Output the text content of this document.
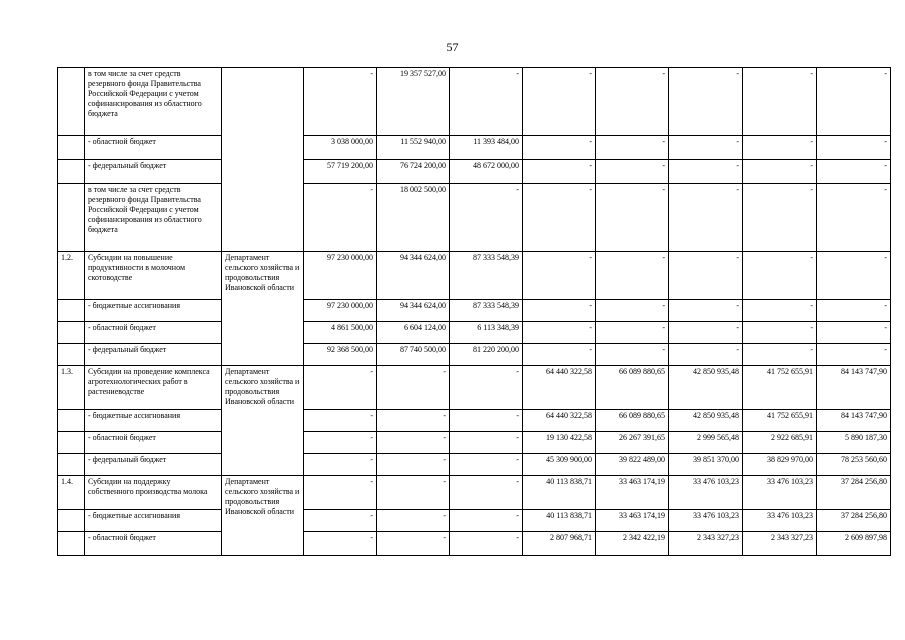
57
	в том числе за счет средств резервного фонда Правительства Российской Федерации с учетом софинансирования из областного бюджета		-	19 357 527,00	-	-	-	-	-	-
	- областной бюджет		3 038 000,00	11 552 940,00	11 393 484,00	-	-	-	-	-
	- федеральный бюджет		57 719 200,00	76 724 200,00	48 672 000,00	-	-	-	-	-
	в том числе за счет средств резервного фонда Правительства Российской Федерации с учетом софинансирования из областного бюджета		-	18 002 500,00	-	-	-	-	-	-
1.2.	Субсидии на повышение продуктивности в молочном скотоводстве	Департамент сельского хозяйства и продовольствия Ивановской области	97 230 000,00	94 344 624,00	87 333 548,39	-	-	-	-	-
	- бюджетные ассигнования		97 230 000,00	94 344 624,00	87 333 548,39	-	-	-	-	-
	- областной бюджет		4 861 500,00	6 604 124,00	6 113 348,39	-	-	-	-	-
	- федеральный бюджет		92 368 500,00	87 740 500,00	81 220 200,00	-	-	-	-	-
1.3.	Субсидии на проведение комплекса агротехнологических работ в растениеводстве	Департамент сельского хозяйства и продовольствия Ивановской области	-	-	-	64 440 322,58	66 089 880,65	42 850 935,48	41 752 655,91	84 143 747,90
	- бюджетные ассигнования		-	-	-	64 440 322,58	66 089 880,65	42 850 935,48	41 752 655,91	84 143 747,90
	- областной бюджет		-	-	-	19 130 422,58	26 267 391,65	2 999 565,48	2 922 685,91	5 890 187,30
	- федеральный бюджет		-	-	-	45 309 900,00	39 822 489,00	39 851 370,00	38 829 970,00	78 253 560,60
1.4.	Субсидии на поддержку собственного производства молока	Департамент сельского хозяйства и продовольствия Ивановской области	-	-	-	40 113 838,71	33 463 174,19	33 476 103,23	33 476 103,23	37 284 256,80
	- бюджетные ассигнования		-	-	-	40 113 838,71	33 463 174,19	33 476 103,23	33 476 103,23	37 284 256,80
	- областной бюджет		-	-	-	2 807 968,71	2 342 422,19	2 343 327,23	2 343 327,23	2 609 897,98
